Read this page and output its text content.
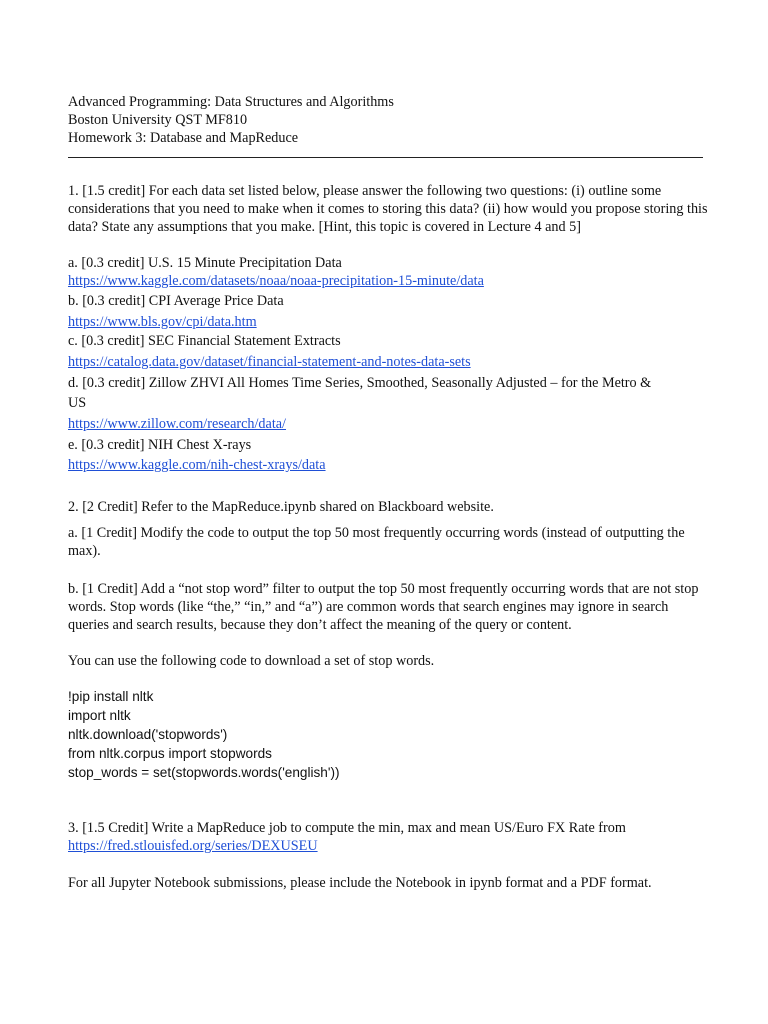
Advanced Programming: Data Structures and Algorithms
Boston University QST MF810
Homework 3: Database and MapReduce
1. [1.5 credit] For each data set listed below, please answer the following two questions: (i) outline some considerations that you need to make when it comes to storing this data? (ii) how would you propose storing this data? State any assumptions that you make. [Hint, this topic is covered in Lecture 4 and 5]
a. [0.3 credit] U.S. 15 Minute Precipitation Data
https://www.kaggle.com/datasets/noaa/noaa-precipitation-15-minute/data
b. [0.3 credit] CPI Average Price Data
https://www.bls.gov/cpi/data.htm
c. [0.3 credit] SEC Financial Statement Extracts
https://catalog.data.gov/dataset/financial-statement-and-notes-data-sets
d. [0.3 credit] Zillow ZHVI All Homes Time Series, Smoothed, Seasonally Adjusted – for the Metro &
US
https://www.zillow.com/research/data/
e. [0.3 credit] NIH Chest X-rays
https://www.kaggle.com/nih-chest-xrays/data
2. [2 Credit] Refer to the MapReduce.ipynb shared on Blackboard website.
a. [1 Credit] Modify the code to output the top 50 most frequently occurring words (instead of outputting the max).
b. [1 Credit] Add a “not stop word” filter to output the top 50 most frequently occurring words that are not stop words. Stop words (like “the,” “in,” and “a”) are common words that search engines may ignore in search queries and search results, because they don’t affect the meaning of the query or content.
You can use the following code to download a set of stop words.
!pip install nltk
import nltk
nltk.download('stopwords')
from nltk.corpus import stopwords
stop_words = set(stopwords.words('english'))
3. [1.5 Credit] Write a MapReduce job to compute the min, max and mean US/Euro FX Rate from
https://fred.stlouisfed.org/series/DEXUSEU
For all Jupyter Notebook submissions, please include the Notebook in ipynb format and a PDF format.
